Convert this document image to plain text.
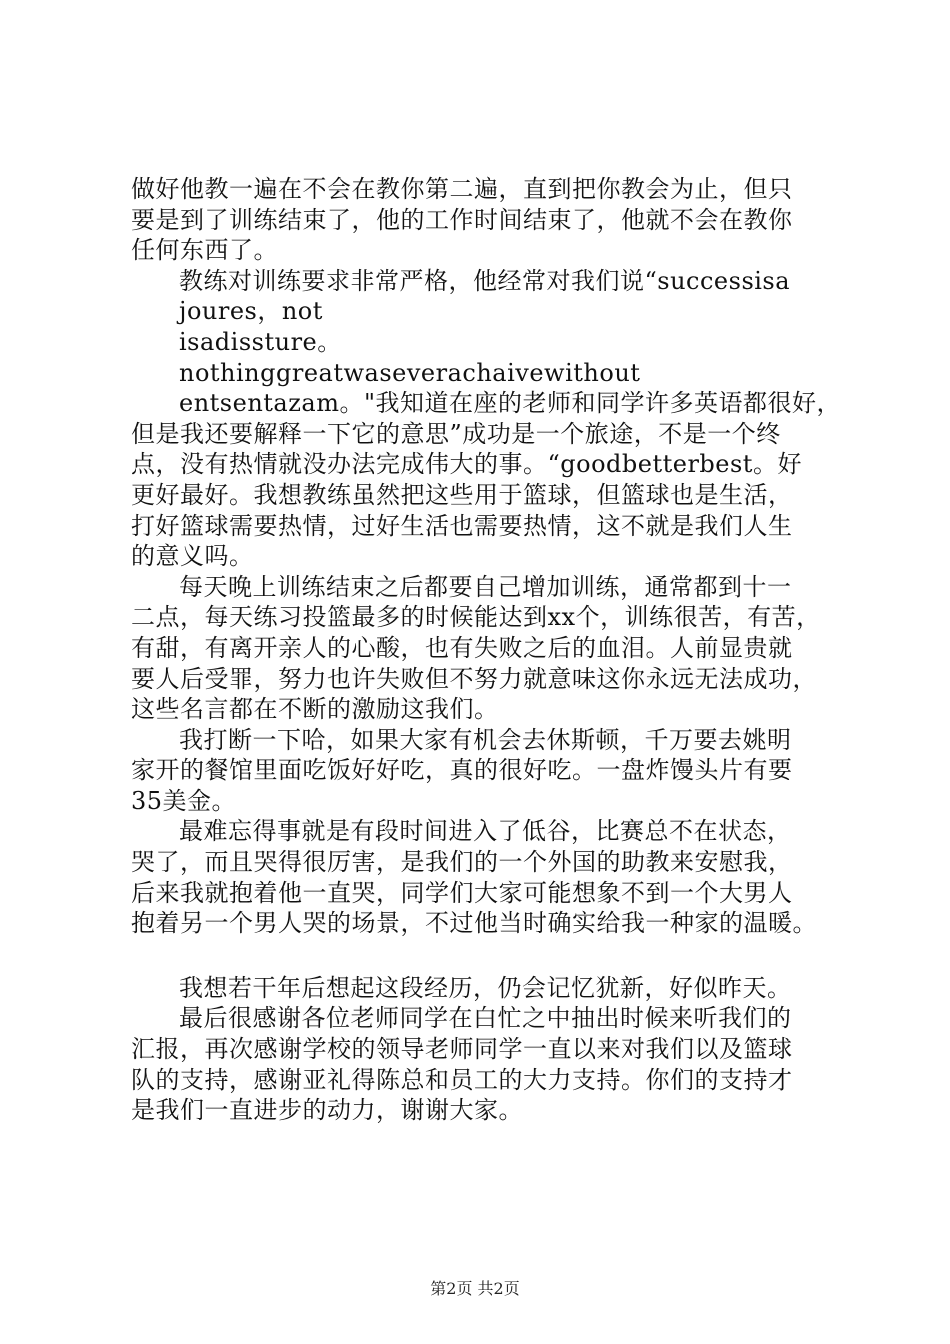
做好他教一遍在不会在教你第二遍，直到把你教会为止，但只
要是到了训练结束了，他的工作时间结束了，他就不会在教你
任何东西了。
教练对训练要求非常严格，他经常对我们说“successisa
joures，not
isadissture。
nothinggreatwaseverachaivewithout
entsentazam。"我知道在座的老师和同学许多英语都很好，
但是我还要解释一下它的意思”成功是一个旅途，不是一个终
点，没有热情就没办法完成伟大的事。“goodbetterbest。好
更好最好。我想教练虽然把这些用于篮球，但篮球也是生活，
打好篮球需要热情，过好生活也需要热情，这不就是我们人生
的意义吗。
每天晚上训练结束之后都要自己增加训练，通常都到十一
二点，每天练习投篮最多的时候能达到xx个，训练很苦，有苦，
有甜，有离开亲人的心酸，也有失败之后的血泪。人前显贵就
要人后受罪，努力也许失败但不努力就意味这你永远无法成功，
这些名言都在不断的激励这我们。
我打断一下哈，如果大家有机会去休斯顿，千万要去姚明
家开的餐馆里面吃饭好好吃，真的很好吃。一盘炸馒头片有要
35美金。
最难忘得事就是有段时间进入了低谷，比赛总不在状态，
哭了，而且哭得很厉害，是我们的一个外国的助教来安慰我，
后来我就抱着他一直哭，同学们大家可能想象不到一个大男人
抱着另一个男人哭的场景，不过他当时确实给我一种家的温暖。
我想若干年后想起这段经历，仍会记忆犹新，好似昨天。
最后很感谢各位老师同学在白忙之中抽出时候来听我们的
汇报，再次感谢学校的领导老师同学一直以来对我们以及篮球
队的支持，感谢亚礼得陈总和员工的大力支持。你们的支持才
是我们一直进步的动力，谢谢大家。
第2页 共2页
